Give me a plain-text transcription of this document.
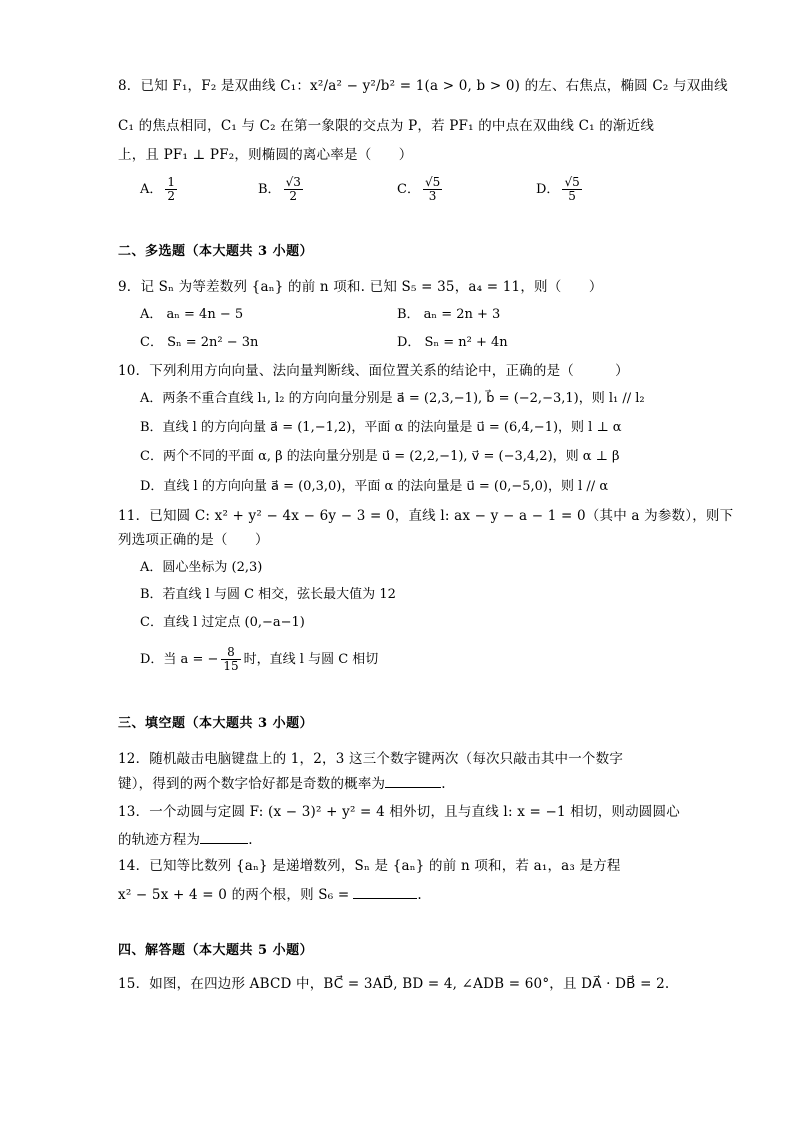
8．已知 F₁，F₂ 是双曲线 C₁：x²/a² − y²/b² = 1(a > 0, b > 0) 的左、右焦点，椭圆 C₂ 与双曲线
C₁ 的焦点相同，C₁ 与 C₂ 在第一象限的交点为 P，若 PF₁ 的中点在双曲线 C₁ 的渐近线
上，且 PF₁ ⊥ PF₂，则椭圆的离心率是（　　）
A． $\frac{1}{2}$	B． $\frac{√3}{2}$	C． $\frac{√5}{3}$	D． $\frac{√5}{5}$
二、多选题（本大题共 3 小题）
9．记 Sₙ 为等差数列 {aₙ} 的前 n 项和. 已知 S₅ = 35，a₄ = 11，则（　　）
A． aₙ = 4n − 5	B． aₙ = 2n + 3
C． Sₙ = 2n² − 3n	D． Sₙ = n² + 4n
10．下列利用方向向量、法向量判断线、面位置关系的结论中，正确的是（　　　）
A．两条不重合直线 l₁, l₂ 的方向向量分别是 a⃗ = (2,3,−1), b⃗ = (−2,−3,1)，则 l₁ // l₂
B．直线 l 的方向向量 a⃗ = (1,−1,2)，平面 α 的法向量是 u⃗ = (6,4,−1)，则 l ⊥ α
C．两个不同的平面 α, β 的法向量分别是 u⃗ = (2,2,−1), v⃗ = (−3,4,2)，则 α ⊥ β
D．直线 l 的方向向量 a⃗ = (0,3,0)，平面 α 的法向量是 u⃗ = (0,−5,0)，则 l // α
11．已知圆 C: x² + y² − 4x − 6y − 3 = 0，直线 l: ax − y − a − 1 = 0（其中 a 为参数），则下
列选项正确的是（　　）
A．圆心坐标为 (2,3)
B．若直线 l 与圆 C 相交，弦长最大值为 12
C．直线 l 过定点 (0,−a−1)
D．当 a = − $\frac{8}{15}$ 时，直线 l 与圆 C 相切
三、填空题（本大题共 3 小题）
12．随机敲击电脑键盘上的 1，2，3 这三个数字键两次（每次只敲击其中一个数字
键），得到的两个数字恰好都是奇数的概率为	.
13．一个动圆与定圆 F: (x − 3)² + y² = 4 相外切，且与直线 l: x = −1 相切，则动圆圆心
的轨迹方程为	.
14．已知等比数列 {aₙ} 是递增数列，Sₙ 是 {aₙ} 的前 n 项和，若 a₁，a₃ 是方程
x² − 5x + 4 = 0 的两个根，则 S₆ =	.
四、解答题（本大题共 5 小题）
15．如图，在四边形 ABCD 中，BC⃗ = 3AD⃗, BD = 4, ∠ADB = 60°，且 DA⃗ · DB⃗ = 2.
